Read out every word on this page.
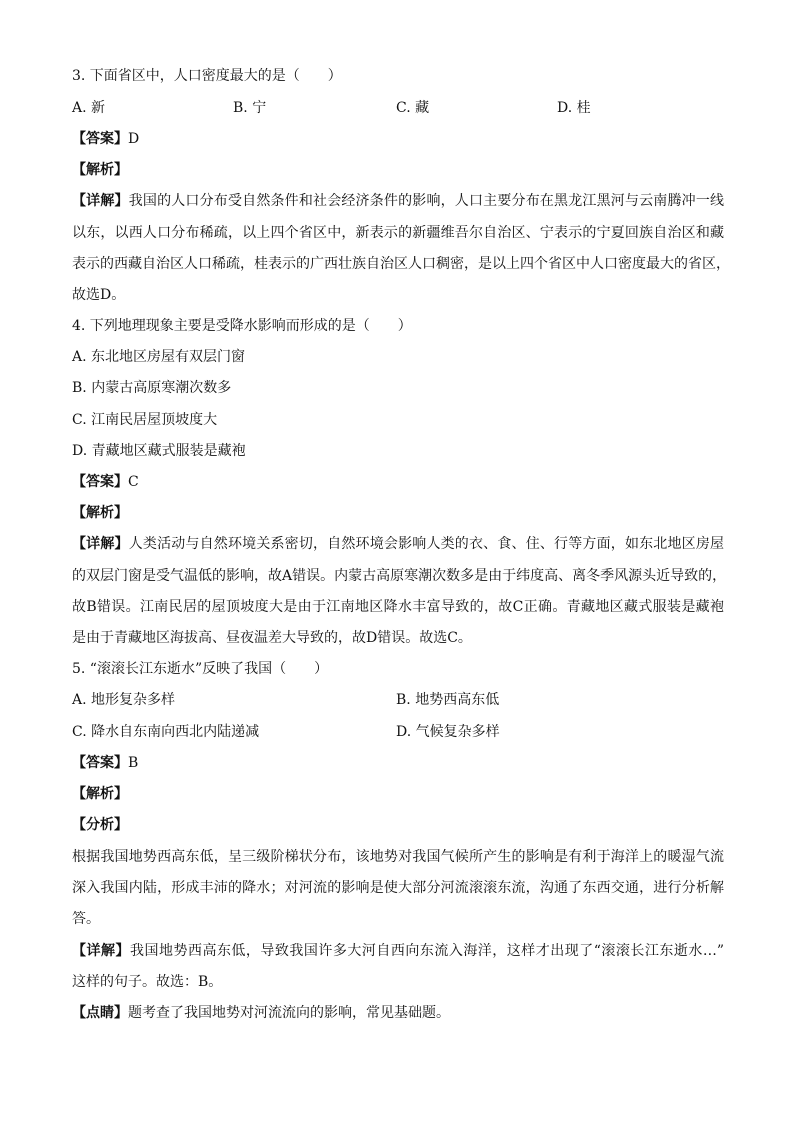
3. 下面省区中，人口密度最大的是（　　）
A. 新	B. 宁	C. 藏	D. 桂
【答案】D
【解析】
【详解】我国的人口分布受自然条件和社会经济条件的影响，人口主要分布在黑龙江黑河与云南腾冲一线
以东，以西人口分布稀疏，以上四个省区中，新表示的新疆维吾尔自治区、宁表示的宁夏回族自治区和藏
表示的西藏自治区人口稀疏，桂表示的广西壮族自治区人口稠密，是以上四个省区中人口密度最大的省区，
故选D。
4. 下列地理现象主要是受降水影响而形成的是（　　）
A. 东北地区房屋有双层门窗
B. 内蒙古高原寒潮次数多
C. 江南民居屋顶坡度大
D. 青藏地区藏式服装是藏袍
【答案】C
【解析】
【详解】人类活动与自然环境关系密切，自然环境会影响人类的衣、食、住、行等方面，如东北地区房屋
的双层门窗是受气温低的影响，故A错误。内蒙古高原寒潮次数多是由于纬度高、离冬季风源头近导致的，
故B错误。江南民居的屋顶坡度大是由于江南地区降水丰富导致的，故C正确。青藏地区藏式服装是藏袍
是由于青藏地区海拔高、昼夜温差大导致的，故D错误。故选C。
5. “滚滚长江东逝水”反映了我国（　　）
A. 地形复杂多样	B. 地势西高东低
C. 降水自东南向西北内陆递减	D. 气候复杂多样
【答案】B
【解析】
【分析】
根据我国地势西高东低，呈三级阶梯状分布，该地势对我国气候所产生的影响是有利于海洋上的暖湿气流
深入我国内陆，形成丰沛的降水；对河流的影响是使大部分河流滚滚东流，沟通了东西交通，进行分析解
答。
【详解】我国地势西高东低，导致我国许多大河自西向东流入海洋，这样才出现了“滚滚长江东逝水…”
这样的句子。故选：B。
【点睛】题考查了我国地势对河流流向的影响，常见基础题。
